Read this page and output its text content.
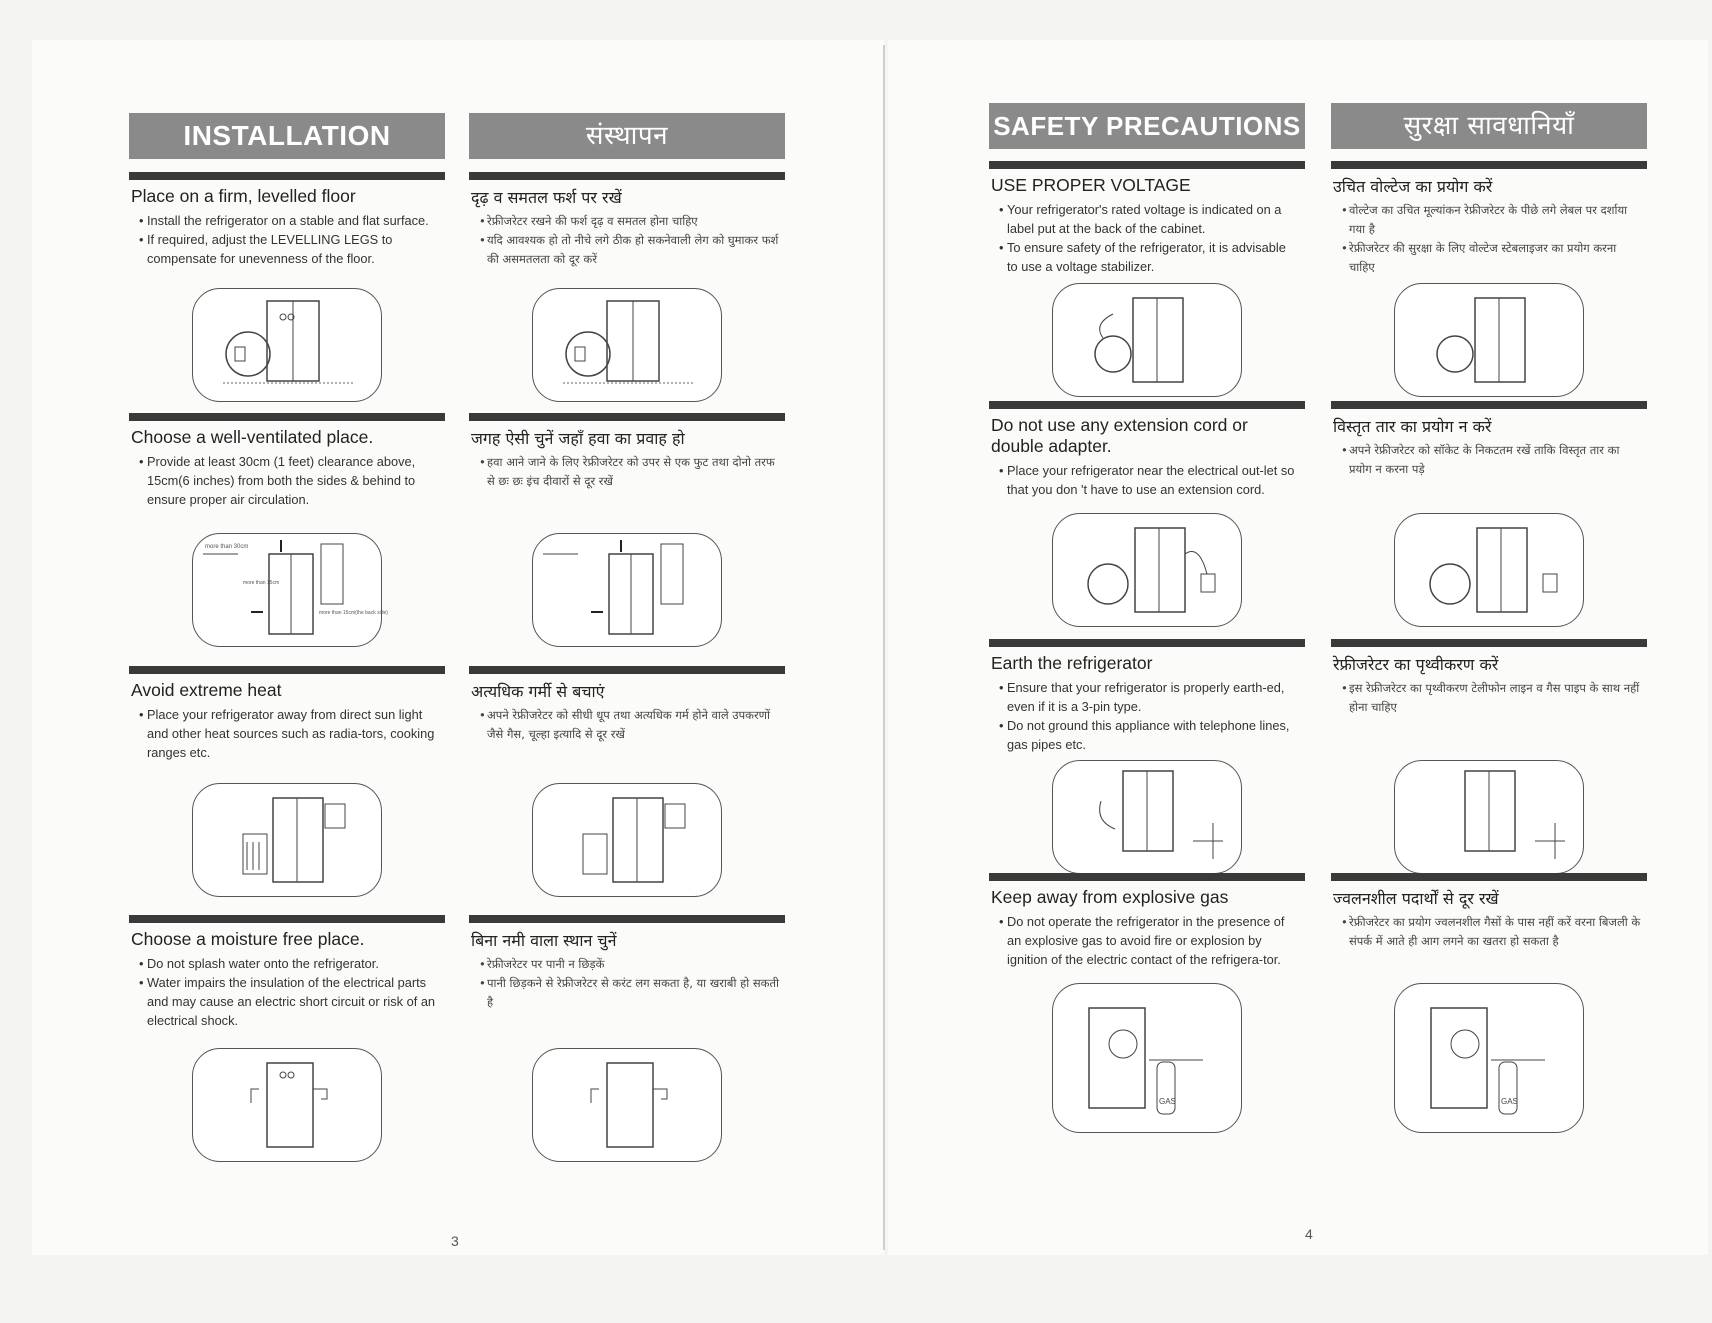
INSTALLATION
Place on a firm, levelled floor
• Install the refrigerator on a stable and flat surface.
• If required, adjust the LEVELLING LEGS to compensate for unevenness of the floor.
Choose a well-ventilated place.
• Provide at least 30cm (1 feet) clearance above, 15cm(6 inches) from both the sides & behind to ensure proper air circulation.
more than 30cm
more than 15cm
more than 15cm(the back side)
Avoid extreme heat
• Place your refrigerator away from direct sun light and other heat sources such as radia-tors, cooking ranges etc.
Choose a moisture free place.
• Do not splash water onto the refrigerator.
• Water impairs the insulation of the electrical parts and may cause an electric short circuit or risk of an electrical shock.
संस्थापन
दृढ़ व समतल फर्श पर रखें
• रेफ्रीजरेटर रखने की फर्श दृढ़ व समतल होना चाहिए
• यदि आवश्यक हो तो नीचे लगे ठीक हो सकनेवाली लेग को घुमाकर फर्श की असमतलता को दूर करें
जगह ऐसी चुनें जहाँ हवा का प्रवाह हो
• हवा आने जाने के लिए रेफ्रीजरेटर को उपर से एक फुट तथा दोनो तरफ से छः छः इंच दीवारों से दूर रखें
अत्यधिक गर्मी से बचाएं
• अपने रेफ्रीजरेटर को सीधी धूप तथा अत्यधिक गर्म होने वाले उपकरणों जैसे गैस, चूल्हा इत्यादि से दूर रखें
बिना नमी वाला स्थान चुनें
• रेफ्रीजरेटर पर पानी न छिड़कें
• पानी छिड़कने से रेफ्रीजरेटर से करंट लग सकता है, या खराबी हो सकती है
3
SAFETY PRECAUTIONS
USE PROPER VOLTAGE
• Your refrigerator's rated voltage is indicated on a label put at the back of the cabinet.
• To ensure safety of the refrigerator, it is advisable to use a voltage stabilizer.
Do not use any extension cord or double adapter.
• Place your refrigerator near the electrical out-let so that you don 't have to use an extension cord.
Earth the refrigerator
• Ensure that your refrigerator is properly earth-ed, even if it is a 3-pin type.
• Do not ground this appliance with telephone lines, gas pipes etc.
Keep away from explosive gas
• Do not operate the refrigerator in the presence of an explosive gas to avoid fire or explosion by ignition of the electric contact of the refrigera-tor.
GAS
सुरक्षा सावधानियाँ
उचित वोल्टेज का प्रयोग करें
• वोल्टेज का उचित मूल्यांकन रेफ्रीजरेटर के पीछे लगे लेबल पर दर्शाया गया है
• रेफ्रीजरेटर की सुरक्षा के लिए वोल्टेज स्टेबलाइजर का प्रयोग करना चाहिए
विस्तृत तार का प्रयोग न करें
• अपने रेफ्रीजरेटर को सॉकेट के निकटतम रखें ताकि विस्तृत तार का प्रयोग न करना पड़े
रेफ्रीजरेटर का पृथ्वीकरण करें
• इस रेफ्रीजरेटर का पृथ्वीकरण टेलीफोन लाइन व गैस पाइप के साथ नहीं होना चाहिए
ज्वलनशील पदार्थों से दूर रखें
• रेफ्रीजरेटर का प्रयोग ज्वलनशील गैसों के पास नहीं करें वरना बिजली के संपर्क में आते ही आग लगने का खतरा हो सकता है
GAS
4
